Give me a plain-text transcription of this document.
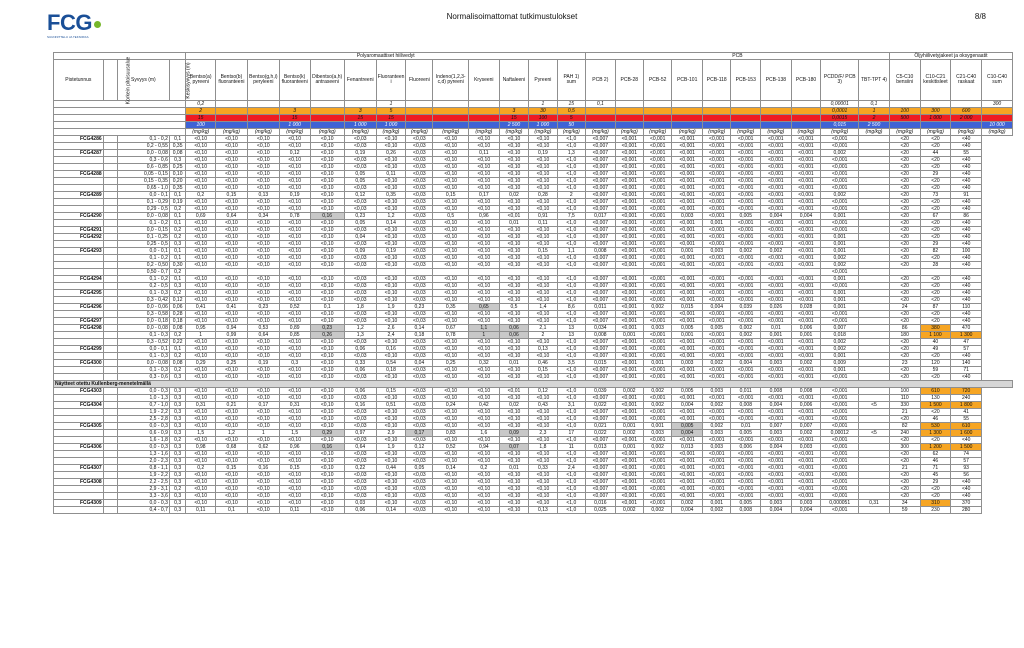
FCG
SUUNNITTELU JA TEKNIIKKA
Normalisoimattomat tutkimustulokset	8/8
				Polyaromaattiset hiilivedyt													PCB										Öljyhiilivetyjakeet ja oksygenaatit			
Pistetunnus	Korkein pitoisuusalue	Syvyys (m)	Keskisyvyys (m)	Bentso(a) pyreeni	Bentso(b) fluoranteeni	Bentso(g,h,i) peryleeni	Bentso(k) fluoranteeni	Dibentso(a,h) antraseeni	Fenantreeni	Fluoranteen i	Fluoreeni	Indeno(1,2,3-c,d) pyreeni	Kryseeni	Naftaleeni	Pyreeni	PAH 1) sum	PCB 2)	PCB-28	PCB-52	PCB-101	PCB-118	PCB-153	PCB-138	PCB-180	PCDD/F/ PCB 3)	TBT-TPT 4)	C5-C10 bensiini	C10-C21 keskitisleet	C21-C40 raskaat	C10-C40 sum
				0,2						1					1	15	0,1								0,00001	0,1				300
				2			3		3	5				3	30	0,5									0,0001	1	100	300	600	
				15			15		15	15				15	100	5									0,0015	2	500	1 000	2 000	
				100			1 000		1 000	1 000				2 500	1 000	50									0,015	2 500				10 000
				(mg/kg)	(mg/kg)	(mg/kg)	(mg/kg)	(mg/kg)	(mg/kg)	(mg/kg)	(mg/kg)	(mg/kg)	(mg/kg)	(mg/kg)	(mg/kg)	(mg/kg)	(mg/kg)	(mg/kg)	(mg/kg)	(mg/kg)	(mg/kg)	(mg/kg)	(mg/kg)	(mg/kg)	(mg/kg)	(mg/kg)	(mg/kg)	(mg/kg)	(mg/kg)	(mg/kg)
FCG4286		0,1 - 0,2	0,1	<0,10	<0,10	<0,10	<0,10	<0,10	<0,03	<0,10	<0,03	<0,10	<0,10	<0,10	<0,10	<1,0	<0,007	<0,001	<0,001	<0,001	<0,001	<0,001	<0,001	<0,001	<0,001		<20	<20	<40	
		0,2 - 0,55	0,35	<0,10	<0,10	<0,10	<0,10	<0,10	<0,03	<0,10	<0,03	<0,10	<0,10	<0,10	<0,10	<1,0	<0,007	<0,001	<0,001	<0,001	<0,001	<0,001	<0,001	<0,001	<0,001		<20	<20	<40	
FCG4287		0,0 - 0,08	0,08	<0,10	<0,10	<0,10	0,12	<0,10	0,19	0,26	<0,03	<0,10	0,11	<0,10	0,19	1,3	<0,007	<0,001	<0,001	<0,001	<0,001	<0,001	<0,001	<0,001	0,002		<20	44	55	
		0,3 - 0,6	0,3	<0,10	<0,10	<0,10	<0,10	<0,10	<0,03	<0,10	<0,03	<0,10	<0,10	<0,10	<0,10	<1,0	<0,007	<0,001	<0,001	<0,001	<0,001	<0,001	<0,001	<0,001	<0,001		<20	<20	<40	
		0,6 - 0,85	0,25	<0,10	<0,10	<0,10	<0,10	<0,10	<0,03	<0,10	<0,03	<0,10	<0,10	<0,10	<0,10	<1,0	<0,007	<0,001	<0,001	<0,001	<0,001	<0,001	<0,001	<0,001	<0,001		<20	<20	<40	
FCG4288		0,05 - 0,15	0,10	<0,10	<0,10	<0,10	<0,10	<0,10	0,05	0,11	<0,03	<0,10	<0,10	<0,10	<0,10	<1,0	<0,007	<0,001	<0,001	<0,001	<0,001	<0,001	<0,001	<0,001	<0,001		<20	29	<40	
		0,15 - 0,35	0,20	<0,10	<0,10	<0,10	<0,10	<0,10	0,05	<0,10	<0,03	<0,10	<0,10	<0,10	<0,10	<1,0	<0,007	<0,001	<0,001	<0,001	<0,001	<0,001	<0,001	<0,001	<0,001		<20	<20	<40	
		0,65 - 1,0	0,35	<0,10	<0,10	<0,10	<0,10	<0,10	<0,03	<0,10	<0,03	<0,10	<0,10	<0,10	<0,10	<1,0	<0,007	<0,001	<0,001	<0,001	<0,001	<0,001	<0,001	<0,001	<0,001		<20	<20	<40	
FCG4289		0,0 - 0,1	0,1	0,2	0,15	0,13	0,19	<0,10	0,12	0,35	<0,03	0,15	0,17	0,02	0,28	2	<0,007	<0,001	<0,001	<0,001	<0,001	<0,001	<0,001	<0,001	0,002		<20	73	91	
		0,1 - 0,29	0,19	<0,10	<0,10	<0,10	<0,10	<0,10	<0,03	<0,10	<0,03	<0,10	<0,10	<0,10	<0,10	<1,0	<0,007	<0,001	<0,001	<0,001	<0,001	<0,001	<0,001	<0,001	<0,001		<20	<20	<40	
		0,29 - 0,5	0,2	<0,10	<0,10	<0,10	<0,10	<0,10	<0,03	<0,10	<0,03	<0,10	<0,10	<0,10	<0,10	<1,0	<0,007	<0,001	<0,001	<0,001	<0,001	<0,001	<0,001	<0,001	<0,001		<20	<20	<40	
FCG4290		0,0 - 0,08	0,1	0,69	0,64	0,34	0,78	0,16	0,23	1,2	<0,03	0,5	0,96	<0,01	0,91	7,5	0,017	<0,001	<0,001	0,003	<0,001	0,005	0,004	0,004	0,001		<20	67	86	
		0,1 - 0,2	0,1	<0,10	<0,10	<0,10	<0,10	<0,10	0,05	0,14	<0,03	<0,10	<0,10	0,01	0,11	<1,0	<0,007	<0,001	<0,001	<0,001	0,001	<0,001	<0,001	<0,001	<0,001		<20	<20	<40	
FCG4291		0,0 - 0,15	0,2	<0,10	<0,10	<0,10	<0,10	<0,10	<0,03	<0,10	<0,03	<0,10	<0,10	<0,10	<0,10	<1,0	<0,007	<0,001	<0,001	<0,001	<0,001	<0,001	<0,001	<0,001	<0,001		<20	<20	<40	
FCG4292		0,1 - 0,25	0,2	<0,10	<0,10	<0,10	<0,10	<0,10	0,04	<0,10	<0,03	<0,10	<0,10	<0,10	<0,10	<1,0	<0,007	<0,001	<0,001	<0,001	<0,001	<0,001	<0,001	<0,001	0,001		<20	<20	<40	
		0,25 - 0,5	0,3	<0,10	<0,10	<0,10	<0,10	<0,10	<0,03	<0,10	<0,03	<0,10	<0,10	<0,10	<0,10	<1,0	<0,007	<0,001	<0,001	<0,001	<0,001	<0,001	<0,001	<0,001	0,001		<20	29	<40	
FCG4293		0,0 - 0,1	0,1	<0,10	<0,10	<0,10	<0,10	<0,10	0,09	0,19	<0,03	<0,10	<0,10	<0,10	0,15	1,1	0,008	<0,001	<0,001	0,001	0,003	0,002	0,002	<0,001	0,001		<20	82	100	
		0,1 - 0,2	0,1	<0,10	<0,10	<0,10	<0,10	<0,10	<0,03	<0,10	<0,03	<0,10	<0,10	<0,10	<0,10	<1,0	<0,007	<0,001	<0,001	<0,001	<0,001	<0,001	<0,001	<0,001	0,002		<20	<20	<40	
		0,2 - 0,50	0,30	<0,10	<0,10	<0,10	<0,10	<0,10	<0,03	<0,10	<0,03	<0,10	<0,10	<0,10	<0,10	<1,0	<0,007	<0,001	<0,001	<0,001	<0,001	<0,001	<0,001	<0,001	0,002		<20	28	<40	
		0,50 - 0,7	0,2																						<0,001					
FCG4294		0,1 - 0,2	0,1	<0,10	<0,10	<0,10	<0,10	<0,10	<0,03	<0,10	<0,03	<0,10	<0,10	<0,10	<0,10	<1,0	<0,007	<0,001	<0,001	<0,001	<0,001	<0,001	<0,001	<0,001	0,001		<20	<20	<40	
		0,2 - 0,5	0,3	<0,10	<0,10	<0,10	<0,10	<0,10	<0,03	<0,10	<0,03	<0,10	<0,10	<0,10	<0,10	<1,0	<0,007	<0,001	<0,001	<0,001	<0,001	<0,001	<0,001	<0,001	<0,001		<20	<20	<40	
FCG4295		0,1 - 0,3	0,2	<0,10	<0,10	<0,10	<0,10	<0,10	<0,03	<0,10	<0,03	<0,10	<0,10	<0,10	<0,10	<1,0	<0,007	<0,001	<0,001	<0,001	<0,001	<0,001	<0,001	<0,001	0,001		<20	<20	<40	
		0,3 - 0,42	0,12	<0,10	<0,10	<0,10	<0,10	<0,10	<0,03	<0,10	<0,03	<0,10	<0,10	<0,10	<0,10	<1,0	<0,007	<0,001	<0,001	<0,001	<0,001	<0,001	<0,001	<0,001	0,001		<20	<20	<40	
FCG4296		0,0 - 0,06	0,06	0,41	0,41	0,23	0,52	0,1	1,8	1,9	0,23	0,35	0,65	0,5	1,4	8,6	0,011	<0,001	0,002	0,015	0,004	0,039	0,026	0,028	0,001		24	87	110	
		0,3 - 0,58	0,28	<0,10	<0,10	<0,10	<0,10	<0,10	<0,03	<0,10	<0,03	<0,10	<0,10	<0,10	<0,10	<1,0	<0,007	<0,001	<0,001	<0,001	<0,001	<0,001	<0,001	<0,001	<0,001		<20	<20	<40	
FCG4297		0,0 - 0,18	0,18	<0,10	<0,10	<0,10	<0,10	<0,10	<0,03	<0,10	<0,03	<0,10	<0,10	<0,10	<0,10	<1,0	<0,007	<0,001	<0,001	<0,001	<0,001	<0,001	<0,001	<0,001	<0,001		<20	<20	<40	
FCG4298		0,0 - 0,08	0,08	0,95	0,94	0,53	0,89	0,23	1,2	2,6	0,14	0,67	1,1	0,06	2,1	13	0,034	<0,001	0,003	0,005	0,005	0,002	0,01	0,006	0,007		86	380	470	
		0,1 - 0,3	0,2	1	0,99	0,64	0,85	0,26	1,3	2,4	0,18	0,78	1	0,06	2	13	0,008	0,001	<0,001	0,001	<0,001	0,002	0,001	0,001	0,018		180	1 100	1 300	
		0,3 - 0,52	0,22	<0,10	<0,10	<0,10	<0,10	<0,10	<0,03	<0,10	<0,03	<0,10	<0,10	<0,10	<0,10	<1,0	<0,007	<0,001	<0,001	<0,001	<0,001	<0,001	<0,001	<0,001	0,002		<20	40	47	
FCG4299		0,0 - 0,1	0,1	<0,10	<0,10	<0,10	<0,10	<0,10	0,06	0,16	<0,03	<0,10	<0,10	<0,10	0,13	<1,0	<0,007	<0,001	<0,001	<0,001	<0,001	<0,001	<0,001	<0,001	0,002		<20	49	57	
		0,1 - 0,3	0,2	<0,10	<0,10	<0,10	<0,10	<0,10	<0,03	<0,10	<0,03	<0,10	<0,10	<0,10	<0,10	<1,0	<0,007	<0,001	<0,001	<0,001	<0,001	<0,001	<0,001	<0,001	0,001		<20	<20	<40	
FCG4300		0,0 - 0,08	0,08	0,29	0,25	0,19	0,3	<0,10	0,33	0,54	0,04	0,25	0,32	0,01	0,46	3,5	0,015	<0,001	0,001	0,003	0,002	0,004	0,003	0,002	0,009		23	120	140	
		0,1 - 0,3	0,2	<0,10	<0,10	<0,10	<0,10	<0,10	0,06	0,18	<0,03	<0,10	<0,10	<0,10	0,15	<1,0	<0,007	<0,001	<0,001	<0,001	<0,001	<0,001	<0,001	<0,001	0,001		<20	59	71	
		0,3 - 0,6	0,3	<0,10	<0,10	<0,10	<0,10	<0,10	<0,03	<0,10	<0,03	<0,10	<0,10	<0,10	<0,10	<1,0	<0,007	<0,001	<0,001	<0,001	<0,001	<0,001	<0,001	<0,001	<0,001		<20	<20	<40	
Näytteet otettu Kullenberg-menetelmällä																														
FCG4303		0,0 - 0,3	0,3	<0,10	<0,10	<0,10	<0,10	<0,10	0,06	0,15	<0,03	<0,10	<0,10	<0,01	0,12	<1,0	0,039	0,002	0,002	0,005	0,003	0,011	0,008	0,008	<0,001		100	610	720	
		1,0 - 1,3	0,3	<0,10	<0,10	<0,10	<0,10	<0,10	<0,03	<0,10	<0,03	<0,10	<0,10	<0,10	<0,10	<1,0	<0,007	<0,001	<0,001	<0,001	<0,001	<0,001	<0,001	<0,001	<0,001		110	130	240	
FCG4304		0,7 - 1,0	0,3	0,31	0,21	0,17	0,31	<0,10	0,16	0,51	<0,03	0,24	0,42	0,02	0,43	3,1	0,022	<0,001	0,002	0,004	0,002	0,008	0,004	0,006	<0,001	<5	330	1 500	1 800	
		1,9 - 2,2	0,3	<0,10	<0,10	<0,10	<0,10	<0,10	<0,03	<0,10	<0,03	<0,10	<0,10	<0,10	<0,10	<1,0	<0,007	<0,001	<0,001	<0,001	<0,001	<0,001	<0,001	<0,001	<0,001		21	<20	41	
		2,5 - 2,8	0,3	<0,10	<0,10	<0,10	<0,10	<0,10	<0,03	<0,10	<0,03	<0,10	<0,10	<0,10	<0,10	<1,0	<0,007	<0,001	<0,001	<0,001	<0,001	<0,001	<0,001	<0,001	<0,001		<20	46	55	
FCG4305		0,0 - 0,3	0,3	<0,10	<0,10	<0,10	<0,10	<0,10	<0,03	<0,10	<0,03	<0,10	<0,10	<0,10	<0,10	<1,0	0,021	0,001	0,001	0,005	0,002	0,01	0,007	0,007	<0,001		82	530	610	
		0,6 - 0,9	0,3	1,5	1,2	1	1,5	0,29	0,97	2,9	0,17	0,83	1,6	0,09	2,3	17	0,022	0,002	0,003	0,004	0,003	0,005	0,003	0,002	0,00012	<5	240	1 300	1 600	
		1,6 - 1,8	0,2	<0,10	<0,10	<0,10	<0,10	<0,10	<0,03	<0,10	<0,03	<0,10	<0,10	<0,10	<0,10	<1,0	<0,007	<0,001	<0,001	<0,001	<0,001	<0,001	<0,001	<0,001	<0,001		<20	<20	<40	
FCG4306		0,0 - 0,3	0,3	0,98	0,68	0,62	0,96	0,16	0,64	1,9	0,12	0,52	0,94	0,07	1,8	11	0,013	0,001	0,002	0,013	0,003	0,006	0,004	0,003	<0,001		300	1 200	1 500	
		1,3 - 1,6	0,3	<0,10	<0,10	<0,10	<0,10	<0,10	<0,03	<0,10	<0,03	<0,10	<0,10	<0,10	<0,10	<1,0	<0,007	<0,001	<0,001	<0,001	<0,001	<0,001	<0,001	<0,001	<0,001		<20	62	74	
		2,0 - 2,3	0,3	<0,10	<0,10	<0,10	<0,10	<0,10	<0,03	<0,10	<0,03	<0,10	<0,10	<0,10	<0,10	<1,0	<0,007	<0,001	<0,001	<0,001	<0,001	<0,001	<0,001	<0,001	<0,001		<20	46	57	
FCG4307		0,8 - 1,1	0,3	0,2	0,15	0,16	0,15	<0,10	0,22	0,44	0,05	0,14	0,2	0,01	0,33	2,4	<0,007	<0,001	<0,001	<0,001	<0,001	<0,001	<0,001	<0,001	<0,001		21	71	93	
		1,9 - 2,2	0,3	<0,10	<0,10	<0,10	<0,10	<0,10	<0,03	<0,10	<0,03	<0,10	<0,10	<0,10	<0,10	<1,0	<0,007	<0,001	<0,001	<0,001	<0,001	<0,001	<0,001	<0,001	<0,001		<20	45	56	
FCG4308		2,2 - 2,5	0,3	<0,10	<0,10	<0,10	<0,10	<0,10	<0,03	<0,10	<0,03	<0,10	<0,10	<0,10	<0,10	<1,0	<0,007	<0,001	<0,001	<0,001	<0,001	<0,001	<0,001	<0,001	<0,001		<20	29	<40	
		2,9 - 3,1	0,2	<0,10	<0,10	<0,10	<0,10	<0,10	<0,03	<0,10	<0,03	<0,10	<0,10	<0,10	<0,10	<1,0	<0,007	<0,001	<0,001	<0,001	<0,001	<0,001	<0,001	<0,001	<0,001		<20	<20	<40	
		3,3 - 3,6	0,3	<0,10	<0,10	<0,10	<0,10	<0,10	<0,03	<0,10	<0,03	<0,10	<0,10	<0,10	<0,10	<1,0	<0,007	<0,001	<0,001	<0,001	<0,001	<0,001	<0,001	<0,001	<0,001		<20	<20	<40	
FCG4309		0,0 - 0,3	0,3	<0,10	<0,10	<0,10	<0,10	<0,10	0,03	<0,10	<0,03	<0,10	<0,10	<0,10	<0,10	<1,0	0,016	<0,001	<0,001	0,002	0,001	0,005	0,003	0,003	0,000051	0,31	34	310	370	
		0,4 - 0,7	0,3	0,11	0,1	<0,10	0,11	<0,10	0,06	0,14	<0,03	<0,10	<0,10	<0,10	0,13	<1,0	0,025	0,002	0,002	0,004	0,002	0,008	0,004	0,004	<0,001		59	230	280	
